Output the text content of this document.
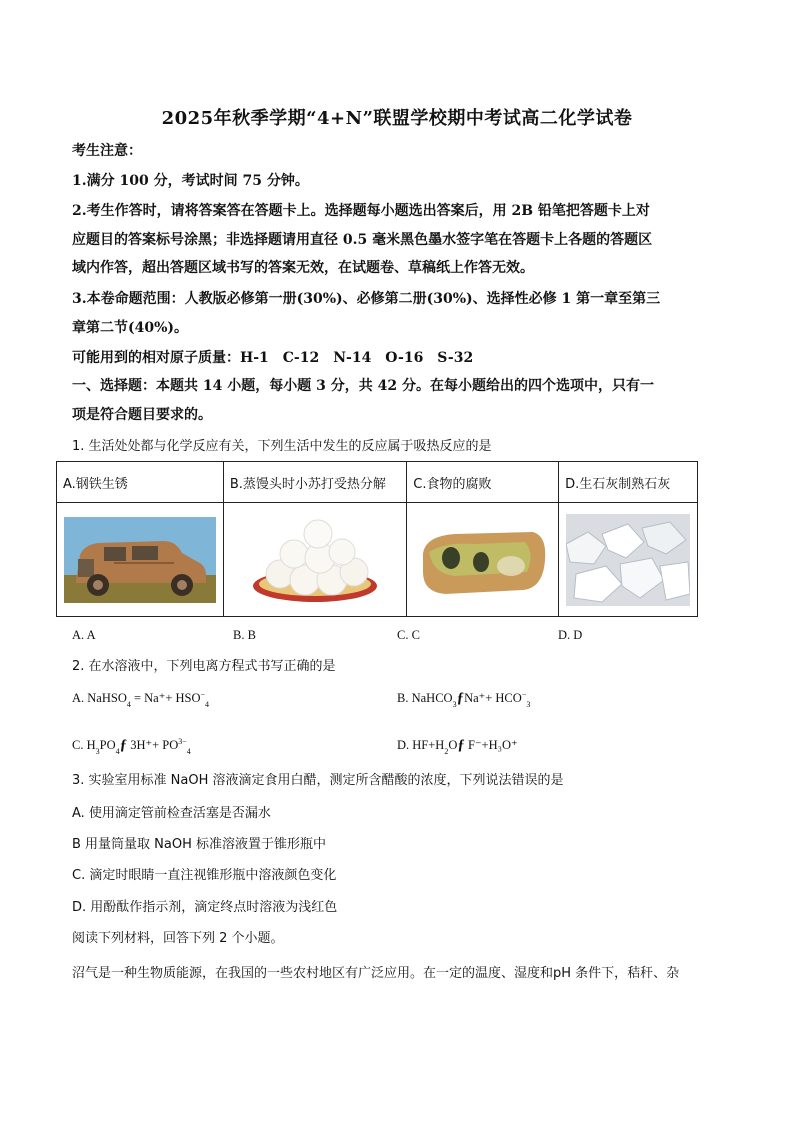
2025年秋季学期“4+N”联盟学校期中考试高二化学试卷
考生注意：
1.满分 100 分，考试时间 75 分钟。
2.考生作答时，请将答案答在答题卡上。选择题每小题选出答案后，用 2B 铅笔把答题卡上对
应题目的答案标号涂黑；非选择题请用直径 0.5 毫米黑色墨水签字笔在答题卡上各题的答题区
域内作答，超出答题区域书写的答案无效，在试题卷、草稿纸上作答无效。
3.本卷命题范围：人教版必修第一册(30%)、必修第二册(30%)、选择性必修 1 第一章至第三
章第二节(40%)。
可能用到的相对原子质量：H-1　C-12　N-14　O-16　S-32
一、选择题：本题共 14 小题，每小题 3 分，共 42 分。在每小题给出的四个选项中，只有一
项是符合题目要求的。
1. 生活处处都与化学反应有关，下列生活中发生的反应属于吸热反应的是
A.钢铁生锈	B.蒸馒头时小苏打受热分解	C.食物的腐败	D.生石灰制熟石灰

A. A	B. B	C. C	D. D
2. 在水溶液中，下列电离方程式书写正确的是
A. NaHSO$_4$ = $Na^++ HSO^-_4$	B. NaHCO$_3$ƒNa⁺+ $HCO^-_3$
C. $H_3PO_4ƒ$ $3H^++ PO^{3-}_4$	D. $HF+H_2Oƒ$ F⁻+H₃O⁺
3. 实验室用标准 NaOH 溶液滴定食用白醋，测定所含醋酸的浓度，下列说法错误的是
A. 使用滴定管前检查活塞是否漏水
B 用量筒量取 NaOH 标准溶液置于锥形瓶中
C. 滴定时眼睛一直注视锥形瓶中溶液颜色变化
D. 用酚酞作指示剂，滴定终点时溶液为浅红色
阅读下列材料，回答下列 2 个小题。
沼气是一种生物质能源，在我国的一些农村地区有广泛应用。在一定的温度、湿度和pH 条件下，秸秆、杂
